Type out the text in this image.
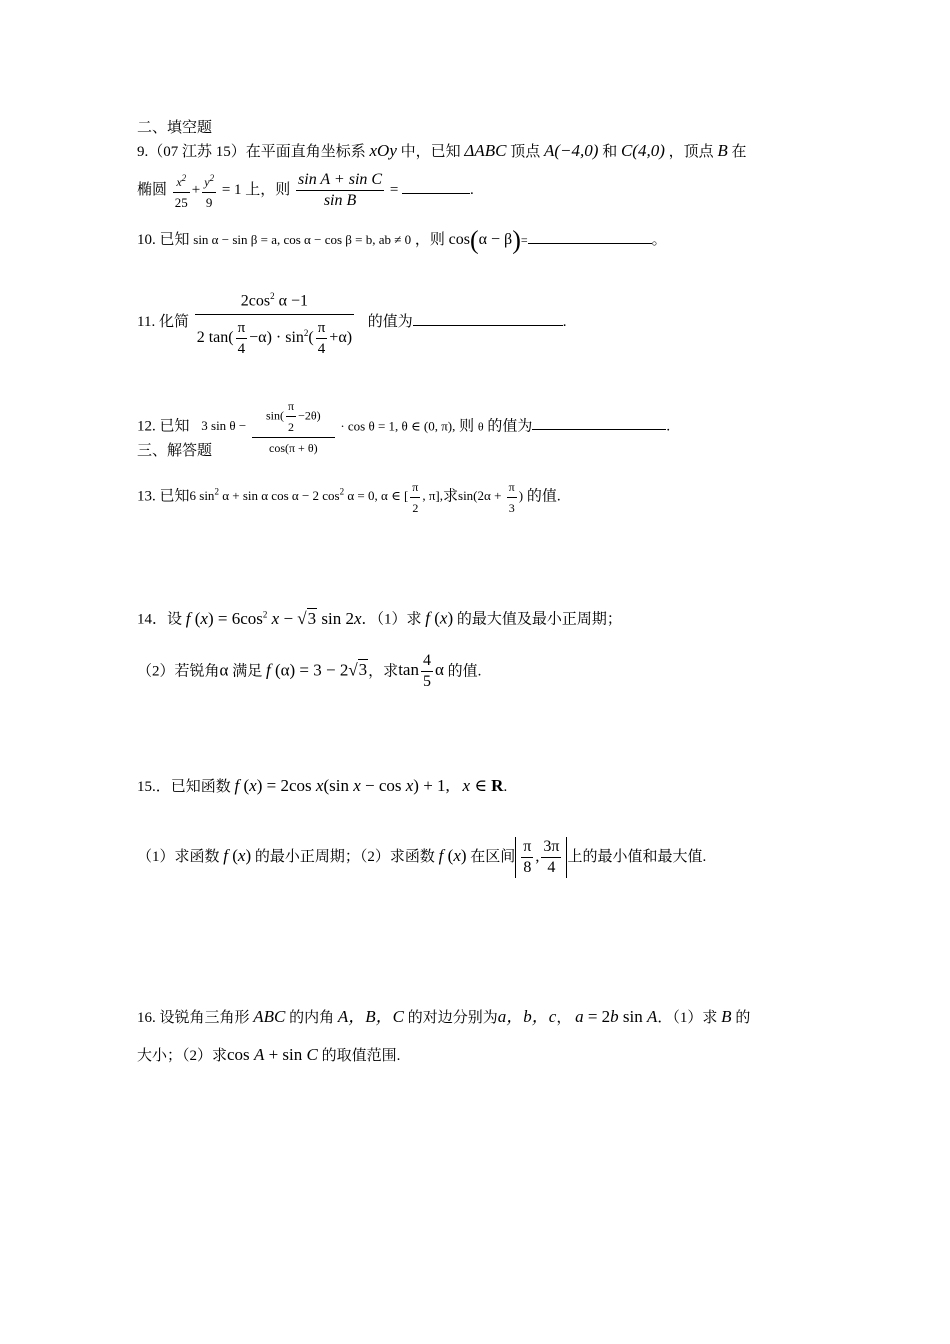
二、填空题
9.（07 江苏 15）在平面直角坐标系 xOy 中，已知 ΔABC 顶点 A(−4,0) 和 C(4,0) ，顶点 B 在
椭圆 $\frac{x^2}{25} + \frac{y^2}{9} = 1$ 上，则 $\frac{\text{sin A + sin C}}{\text{sin B}}$ =	.
10. 已知 sin α − sin β = a, cos α − cos β = b, ab ≠ 0 ，则 cos(α − β)=	。
11. 化简 $\frac{2\cos^2 \alpha -1}{2 \tan( \frac{\pi}{4} -\alpha) \cdot \sin^2( \frac{\pi}{4} +\alpha)}$ 的值为	.
12. 已知 3 $\sin \theta - \frac{\sin( \frac{\pi}{2} -2\theta)}{\cos(\pi + \theta)} \cdot \cos \theta = 1$, θ ∈ (0, π), 则 θ 的值为	.
三、解答题
13. 已知6 $\sin^2 \alpha + \sin \alpha$ cos α − 2 $\cos^2 \alpha = 0$, α ∈ [ $\frac{\pi}{2}$ , π],求$\sin(2\alpha + \frac{\pi}{3}$ ) 的值.
14．设 f $(x) = 6\cos^2$ x − √3 sin 2x．（1）求 f (x) 的最大值及最小正周期；
（2）若锐角α 满足 f (α) = 3 − 2√3，求$\tan \frac{4}{5}$ α 的值.
15.．已知函数 f (x) = 2cos x(sin x − cos x) + 1,   x ∈ R.
（1）求函数 f (x) 的最小正周期；（2）求函数 f (x) 在区间 $\frac{\pi}{8}$ , $\frac{3\pi}{4}$ 上的最小值和最大值.
16. 设锐角三角形 ABC 的内角 A，B，C 的对边分别为a，b，c， a = 2b sin A．（1）求 B 的
大小；（2）求cos A + sin C 的取值范围.
